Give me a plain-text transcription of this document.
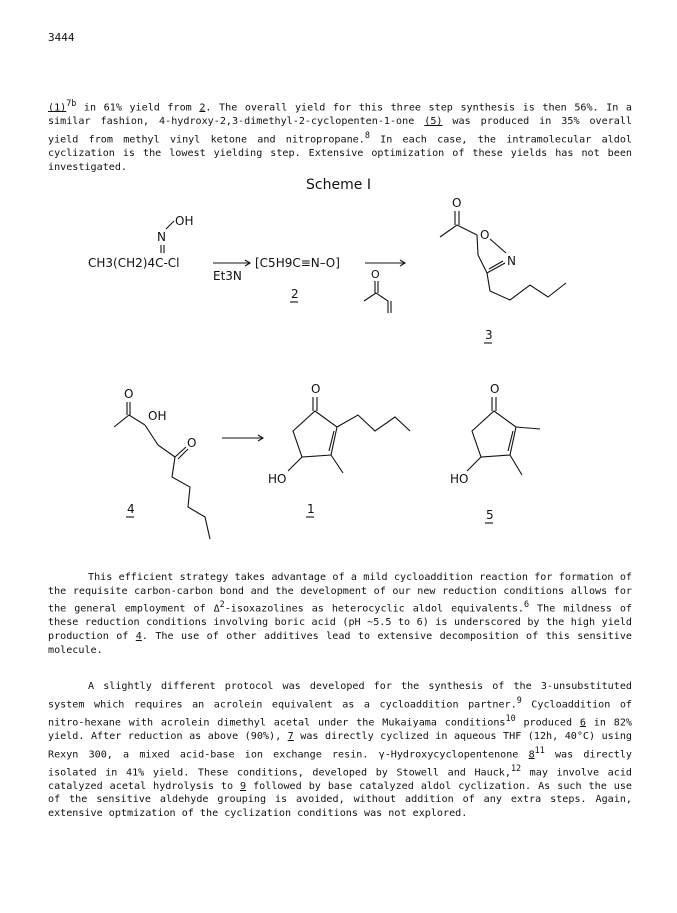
3444

$(1)^{7b}$ in 61% yield from 2. The overall yield for this three step synthesis is then 56%. In a similar fashion, 4-hydroxy-2,3-dimethyl-2-cyclopenten-1-one (5) was produced in 35% overall yield from methyl vinyl ketone and nitropropane.$^8$ In each case, the intramolecular aldol cyclization is the lowest yielding step. Extensive optimization of these yields has not been investigated.

Scheme I
OH
N
CH3(CH2)4C-Cl
Et3N
[C5H9C≡N–O]
2
O
O
O
N
3
O
OH
O
4
O
HO
1
O
HO
5

This efficient strategy takes advantage of a mild cycloaddition reaction for formation of the requisite carbon-carbon bond and the development of our new reduction conditions allows for the general employment of $\Delta^2$-isoxazolines as heterocyclic aldol equivalents.$^6$ The mildness of these reduction conditions involving boric acid (pH ~5.5 to 6) is underscored by the high yield production of 4. The use of other additives lead to extensive decomposition of this sensitive molecule.

A slightly different protocol was developed for the synthesis of the 3-unsubstituted system which requires an acrolein equivalent as a cycloaddition partner.$^9$ Cycloaddition of nitro-hexane with acrolein dimethyl acetal under the Mukaiyama conditions$^{10}$ produced 6 in 82% yield. After reduction as above (90%), 7 was directly cyclized in aqueous THF (12h, 40°C) using Rexyn 300, a mixed acid-base ion exchange resin. γ-Hydroxycyclopentenone $8^{11}$ was directly isolated in 41% yield. These conditions, developed by Stowell and Hauck,$^{12}$ may involve acid catalyzed acetal hydrolysis to 9 followed by base catalyzed aldol cyclization. As such the use of the sensitive aldehyde grouping is avoided, without addition of any extra steps. Again, extensive optmization of the cyclization conditions was not explored.
